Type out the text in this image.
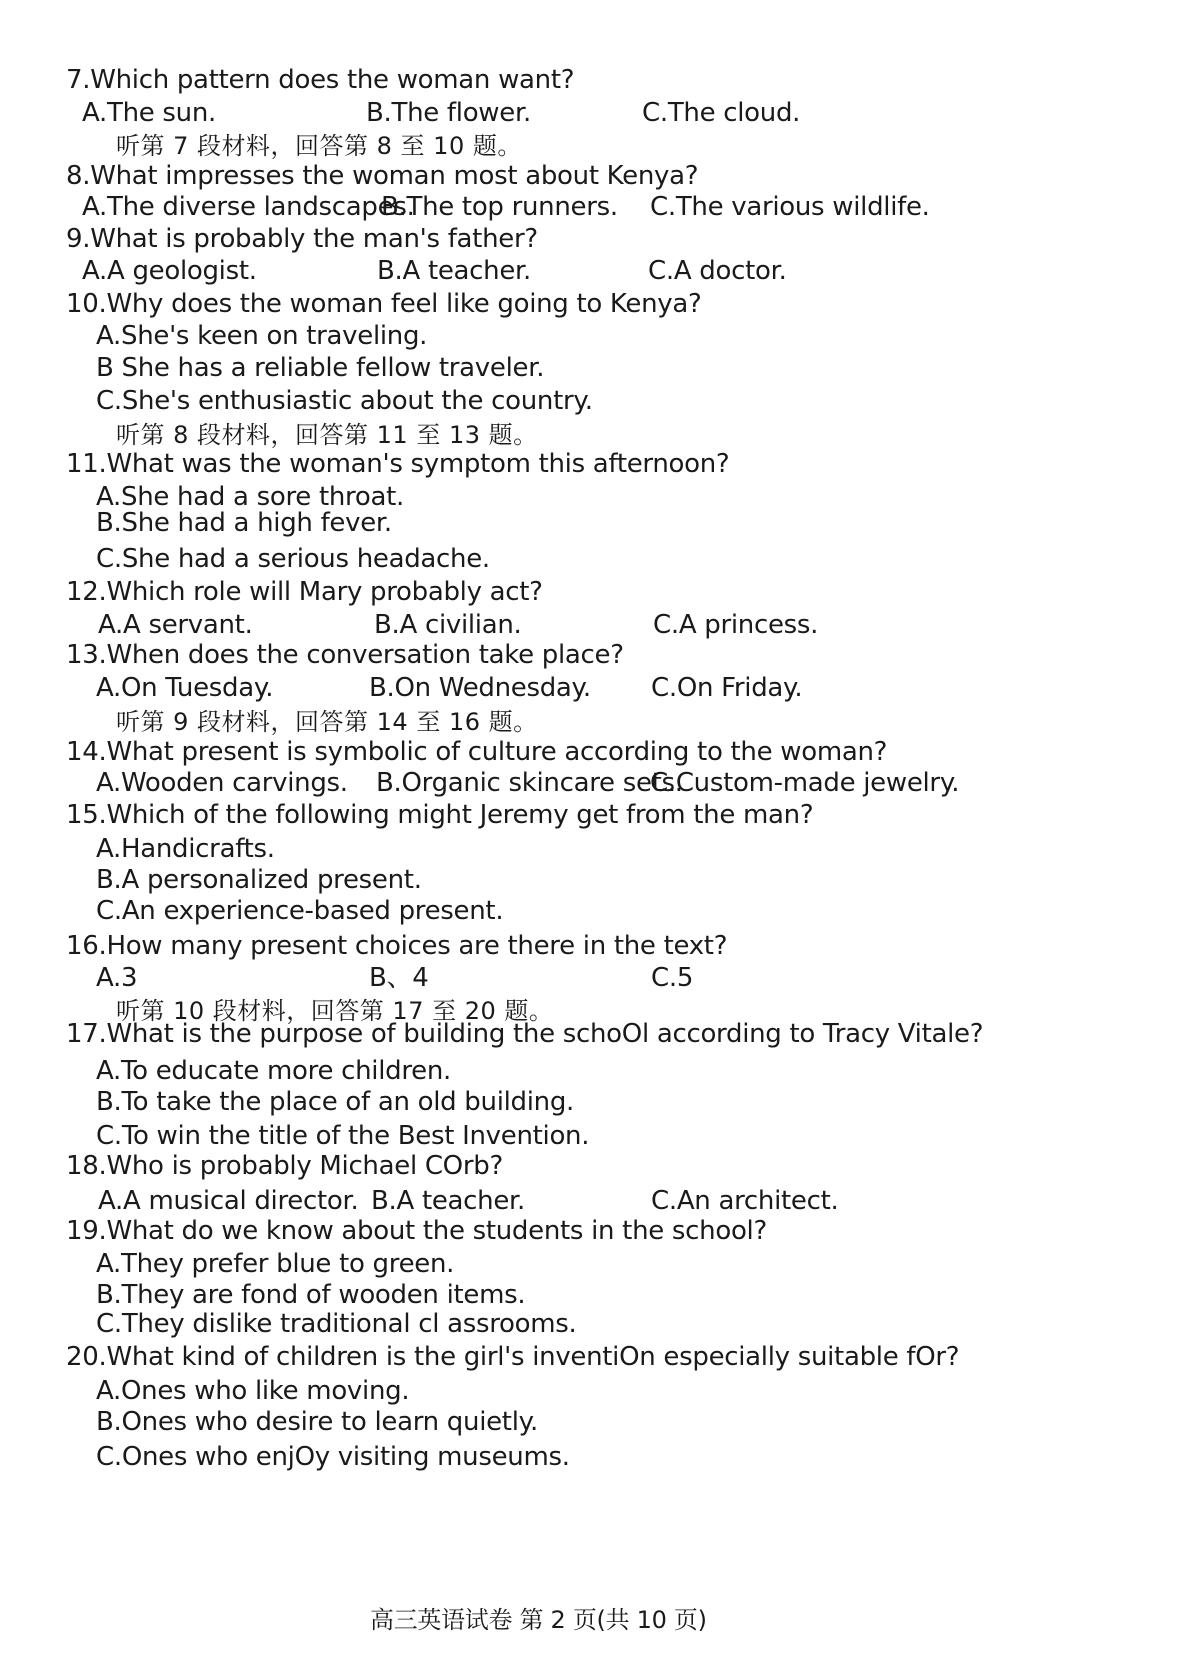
7.Which pattern does the woman want?
A.The sun.	B.The flower.	C.The cloud.
听第 7 段材料，回答第 8 至 10 题。
8.What impresses the woman most about Kenya?
A.The diverse landscapes.
B.The top runners. C.The various wildlife.
9.What is probably the man's father?
A.A geologist.	B.A teacher.	C.A doctor.
10.Why does the woman feel like going to Kenya?
A.She's keen on traveling.
B She has a reliable fellow traveler.
C.She's enthusiastic about the country.
听第 8 段材料，回答第 11 至 13 题。
11.What was the woman's symptom this afternoon?
A.She had a sore throat.
B.She had a high fever.
C.She had a serious headache.
12.Which role will Mary probably act?
A.A servant.	B.A civilian.	C.A princess.
13.When does the conversation take place?
A.On Tuesday.	B.On Wednesday. C.On Friday.
听第 9 段材料，回答第 14 至 16 题。
14.What present is symbolic of culture according to the woman?
A.Wooden carvings. B.Organic skincare sets.
C.Custom-made jewelry.
15.Which of the following might Jeremy get from the man?
A.Handicrafts.
B.A personalized present.
C.An experience-based present.
16.How many present choices are there in the text?
A.3	B、4	C.5
听第 10 段材料，回答第 17 至 20 题。
17.What is the purpose of building the schoOl according to Tracy Vitale?
A.To educate more children.
B.To take the place of an old building.
C.To win the title of the Best Invention.
18.Who is probably Michael COrb?
A.A musical director. B.A teacher.	C.An architect.
19.What do we know about the students in the school?
A.They prefer blue to green.
B.They are fond of wooden items.
C.They dislike traditional cl assrooms.
20.What kind of children is the girl's inventiOn especially suitable fOr?
A.Ones who like moving.
B.Ones who desire to learn quietly.
C.Ones who enjOy visiting museums.
高三英语试卷 第 2 页(共 10 页)
